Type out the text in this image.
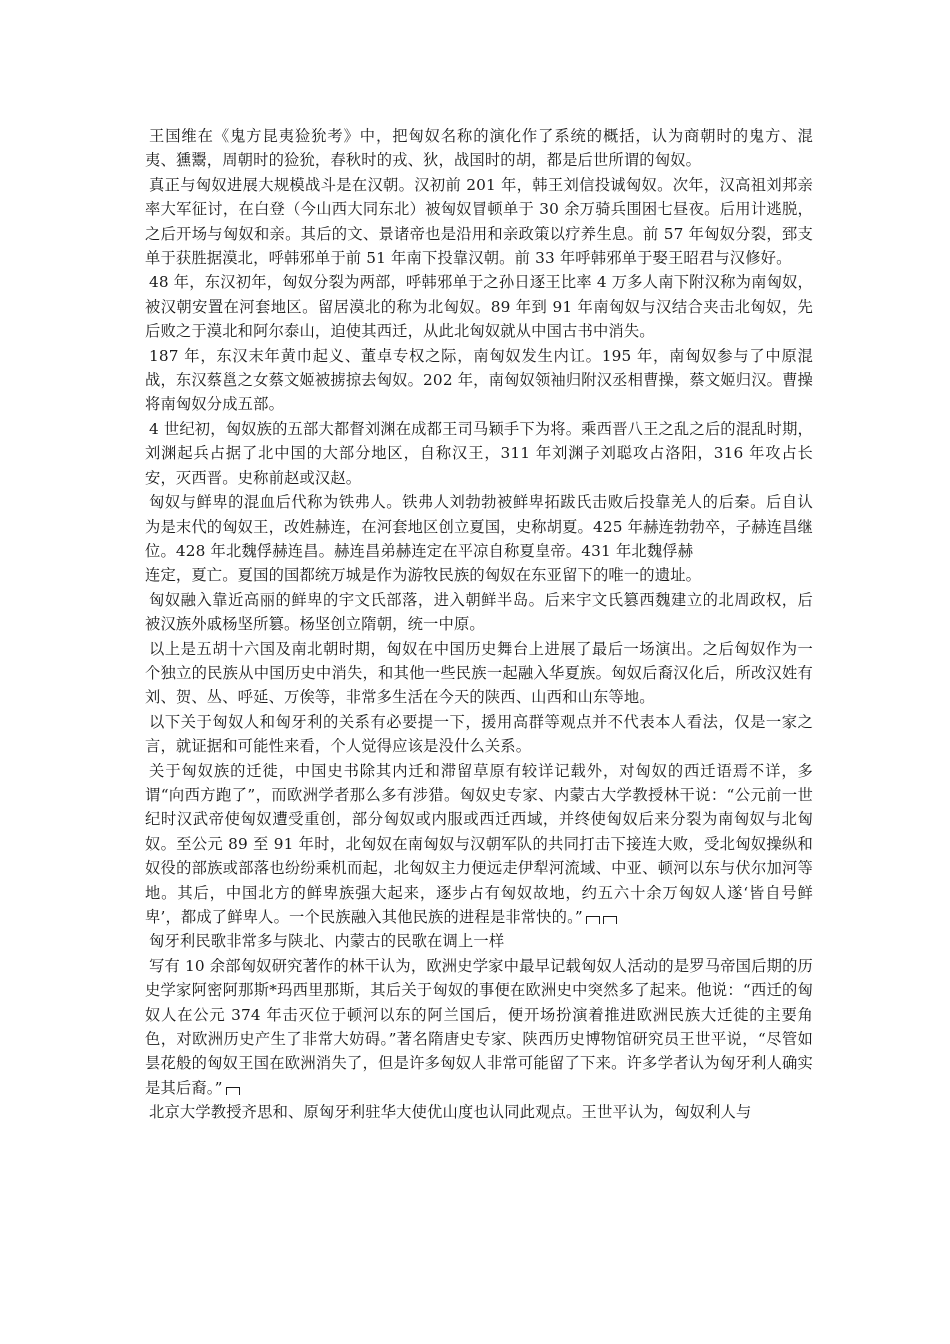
王国维在《鬼方昆夷猃狁考》中，把匈奴名称的演化作了系统的概括，认为商朝时的鬼方、混夷、獯鬻，周朝时的猃狁，春秋时的戎、狄，战国时的胡，都是后世所谓的匈奴。

真正与匈奴进展大规模战斗是在汉朝。汉初前 201 年，韩王刘信投诚匈奴。次年，汉高祖刘邦亲率大军征讨，在白登（今山西大同东北）被匈奴冒顿单于 30 余万骑兵围困七昼夜。后用计逃脱，之后开场与匈奴和亲。其后的文、景诸帝也是沿用和亲政策以疗养生息。前 57 年匈奴分裂，郅支单于获胜据漠北，呼韩邪单于前 51 年南下投靠汉朝。前 33 年呼韩邪单于娶王昭君与汉修好。

48 年，东汉初年，匈奴分裂为两部，呼韩邪单于之孙日逐王比率 4 万多人南下附汉称为南匈奴，被汉朝安置在河套地区。留居漠北的称为北匈奴。89 年到 91 年南匈奴与汉结合夹击北匈奴，先后败之于漠北和阿尔泰山，迫使其西迁，从此北匈奴就从中国古书中消失。

187 年，东汉末年黄巾起义、董卓专权之际，南匈奴发生内讧。195 年，南匈奴参与了中原混战，东汉蔡邕之女蔡文姬被掳掠去匈奴。202 年，南匈奴领袖归附汉丞相曹操，蔡文姬归汉。曹操将南匈奴分成五部。

4 世纪初，匈奴族的五部大都督刘渊在成都王司马颖手下为将。乘西晋八王之乱之后的混乱时期，刘渊起兵占据了北中国的大部分地区，自称汉王，311 年刘渊子刘聪攻占洛阳，316 年攻占长安，灭西晋。史称前赵或汉赵。

匈奴与鲜卑的混血后代称为铁弗人。铁弗人刘勃勃被鲜卑拓跋氏击败后投靠羌人的后秦。后自认为是末代的匈奴王，改姓赫连，在河套地区创立夏国，史称胡夏。425 年赫连勃勃卒，子赫连昌继位。428 年北魏俘赫连昌。赫连昌弟赫连定在平凉自称夏皇帝。431 年北魏俘赫

连定，夏亡。夏国的国都统万城是作为游牧民族的匈奴在东亚留下的唯一的遗址。

匈奴融入靠近高丽的鲜卑的宇文氏部落，进入朝鲜半岛。后来宇文氏篡西魏建立的北周政权，后被汉族外戚杨坚所篡。杨坚创立隋朝，统一中原。

以上是五胡十六国及南北朝时期，匈奴在中国历史舞台上进展了最后一场演出。之后匈奴作为一个独立的民族从中国历史中消失，和其他一些民族一起融入华夏族。匈奴后裔汉化后，所改汉姓有刘、贺、丛、呼延、万俟等，非常多生活在今天的陕西、山西和山东等地。

以下关于匈奴人和匈牙利的关系有必要提一下，援用高群等观点并不代表本人看法，仅是一家之言，就证据和可能性来看，个人觉得应该是没什么关系。

关于匈奴族的迁徙，中国史书除其内迁和滞留草原有较详记载外，对匈奴的西迁语焉不详，多谓“向西方跑了”，而欧洲学者那么多有涉猎。匈奴史专家、内蒙古大学教授林干说：“公元前一世纪时汉武帝使匈奴遭受重创，部分匈奴或内服或西迁西域，并终使匈奴后来分裂为南匈奴与北匈奴。至公元 89 至 91 年时，北匈奴在南匈奴与汉朝军队的共同打击下接连大败，受北匈奴操纵和奴役的部族或部落也纷纷乘机而起，北匈奴主力便远走伊犁河流域、中亚、顿河以东与伏尔加河等地。其后，中国北方的鲜卑族强大起来，逐步占有匈奴故地，约五六十余万匈奴人遂‘皆自号鲜卑’，都成了鲜卑人。一个民族融入其他民族的进程是非常快的。”

匈牙利民歌非常多与陕北、内蒙古的民歌在调上一样

写有 10 余部匈奴研究著作的林干认为，欧洲史学家中最早记载匈奴人活动的是罗马帝国后期的历史学家阿密阿那斯*玛西里那斯，其后关于匈奴的事便在欧洲史中突然多了起来。他说：“西迁的匈奴人在公元 374 年击灭位于顿河以东的阿兰国后，便开场扮演着推进欧洲民族大迁徙的主要角色，对欧洲历史产生了非常大妨碍。”著名隋唐史专家、陕西历史博物馆研究员王世平说，“尽管如昙花般的匈奴王国在欧洲消失了，但是许多匈奴人非常可能留了下来。许多学者认为匈牙利人确实是其后裔。”

北京大学教授齐思和、原匈牙利驻华大使优山度也认同此观点。王世平认为，匈奴利人与
